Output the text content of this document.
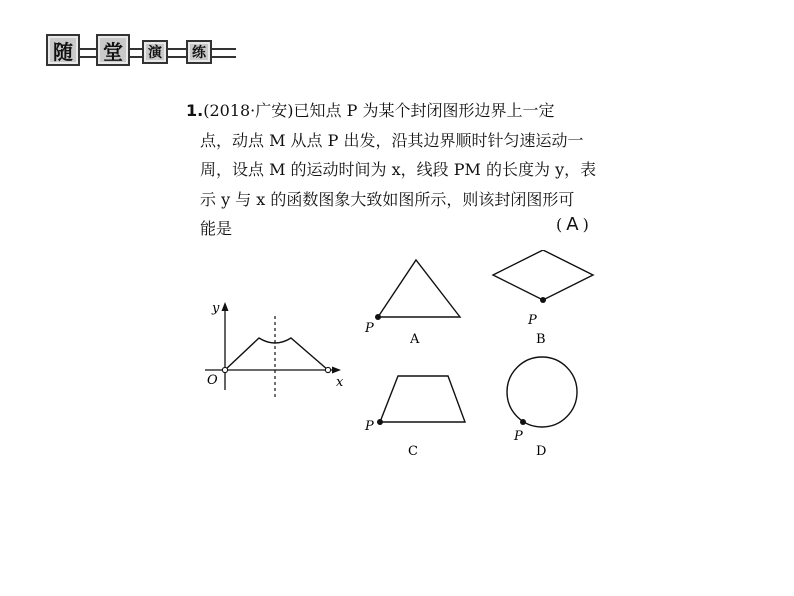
随	堂	演	练
1.(2018·广安)已知点 P 为某个封闭图形边界上一定
点，动点 M 从点 P 出发，沿其边界顺时针匀速运动一
周，设点 M 的运动时间为 x，线段 PM 的长度为 y，表
示 y 与 x 的函数图象大致如图所示，则该封闭图形可
能是	( A )
y
x
O
P
A
P
B
P
C
P
D
